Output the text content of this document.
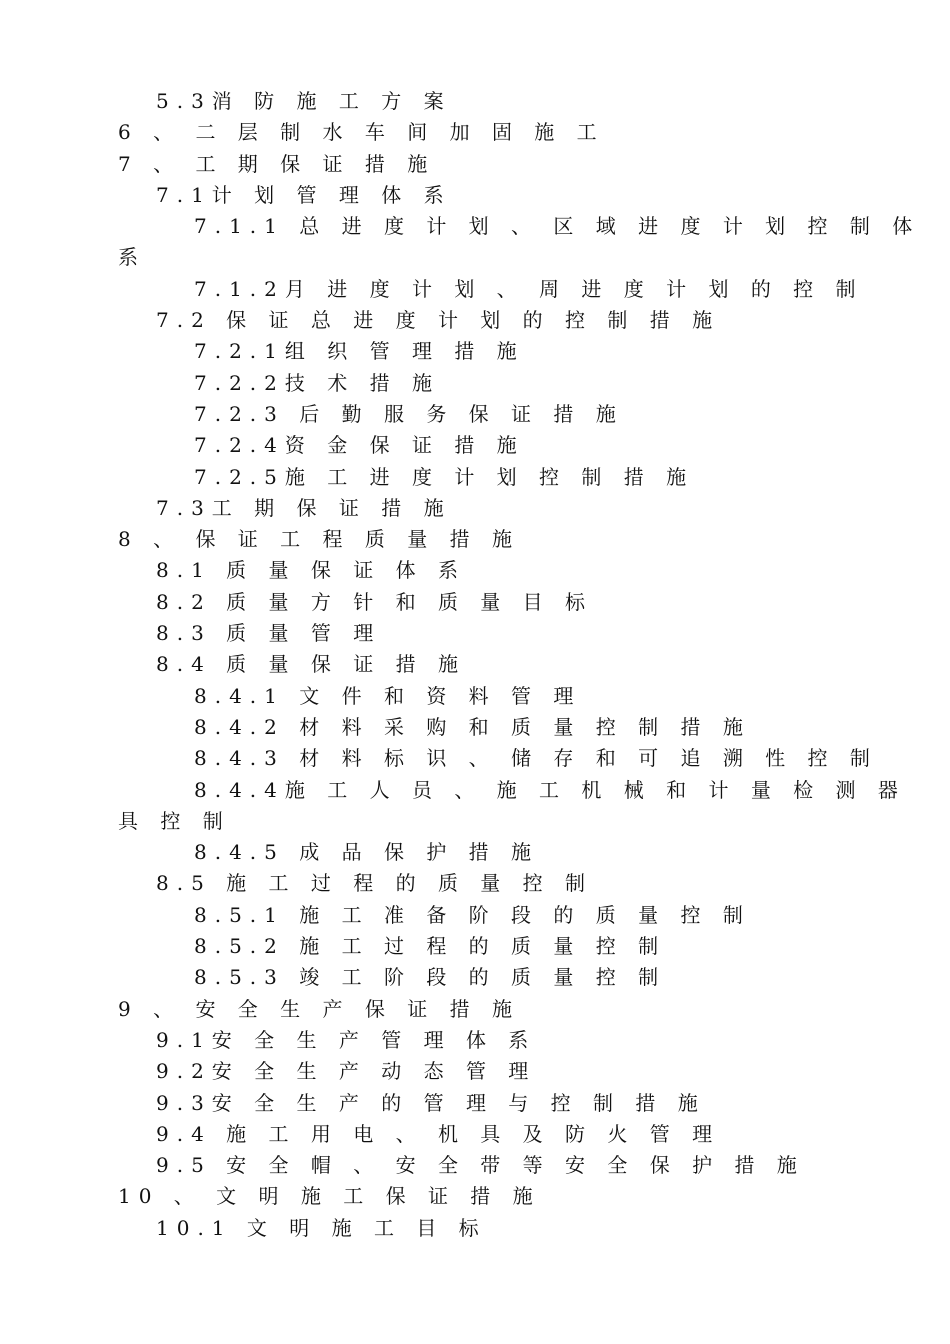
5.3消 防 施 工 方 案
6 、 二 层 制 水 车 间 加 固 施 工
7 、 工 期 保 证 措 施
7.1计 划 管 理 体 系
7.1.1 总 进 度 计 划 、 区 域 进 度 计 划 控 制 体
系
7.1.2月 进 度 计 划 、 周 进 度 计 划 的 控 制
7.2 保 证 总 进 度 计 划 的 控 制 措 施
7.2.1组 织 管 理 措 施
7.2.2技 术 措 施
7.2.3 后 勤 服 务 保 证 措 施
7.2.4资 金 保 证 措 施
7.2.5施 工 进 度 计 划 控 制 措 施
7.3工 期 保 证 措 施
8 、 保 证 工 程 质 量 措 施
8.1 质 量 保 证 体 系
8.2 质 量 方 针 和 质 量 目 标
8.3 质 量 管 理
8.4 质 量 保 证 措 施
8.4.1 文 件 和 资 料 管 理
8.4.2 材 料 采 购 和 质 量 控 制 措 施
8.4.3 材 料 标 识 、 储 存 和 可 追 溯 性 控 制
8.4.4施 工 人 员 、 施 工 机 械 和 计 量 检 测 器
具 控 制
8.4.5 成 品 保 护 措 施
8.5 施 工 过 程 的 质 量 控 制
8.5.1 施 工 准 备 阶 段 的 质 量 控 制
8.5.2 施 工 过 程 的 质 量 控 制
8.5.3 竣 工 阶 段 的 质 量 控 制
9 、 安 全 生 产 保 证 措 施
9.1安 全 生 产 管 理 体 系
9.2安 全 生 产 动 态 管 理
9.3安 全 生 产 的 管 理 与 控 制 措 施
9.4 施 工 用 电 、 机 具 及 防 火 管 理
9.5 安 全 帽 、 安 全 带 等 安 全 保 护 措 施
10 、 文 明 施 工 保 证 措 施
10.1 文 明 施 工 目 标
